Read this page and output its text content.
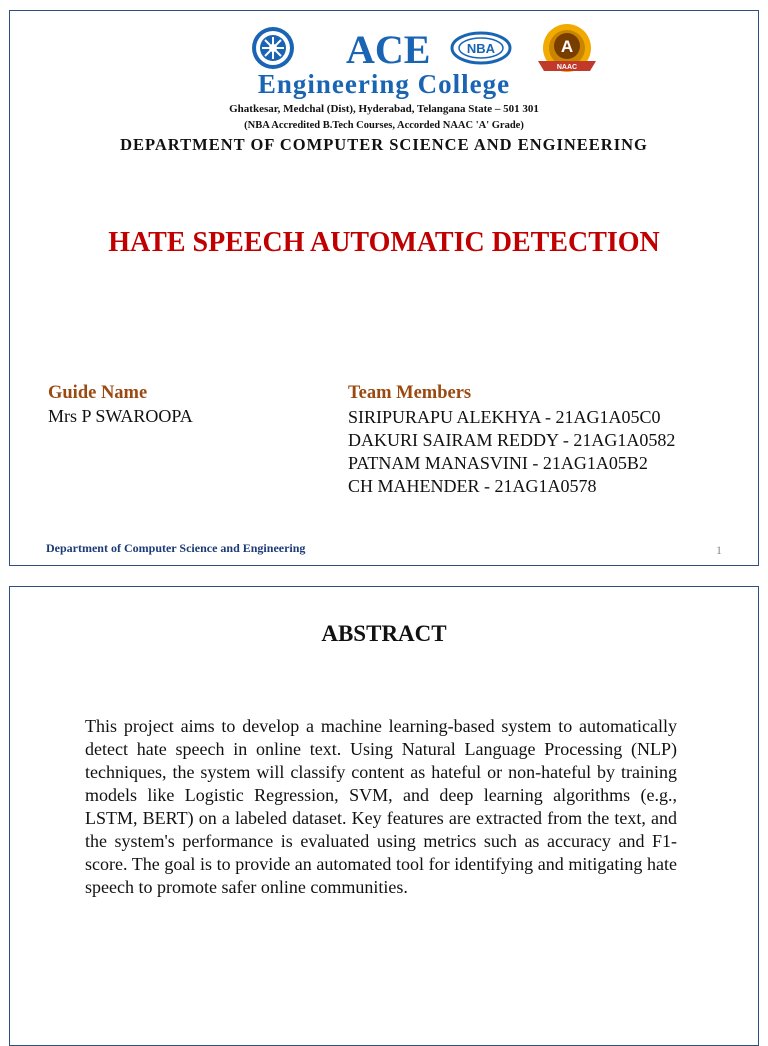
ACE	NBA	A
NAAC
Engineering College
Ghatkesar, Medchal (Dist), Hyderabad, Telangana State – 501 301
(NBA Accredited B.Tech Courses, Accorded NAAC 'A' Grade)
DEPARTMENT OF COMPUTER SCIENCE AND ENGINEERING
HATE SPEECH AUTOMATIC DETECTION
Guide Name
Mrs P SWAROOPA
Team Members
SIRIPURAPU ALEKHYA - 21AG1A05C0
DAKURI SAIRAM REDDY - 21AG1A0582
PATNAM MANASVINI - 21AG1A05B2
CH MAHENDER - 21AG1A0578
Department of Computer Science and Engineering	1
ABSTRACT

This project aims to develop a machine learning-based system to automatically detect hate speech in online text. Using Natural Language Processing (NLP) techniques, the system will classify content as hateful or non-hateful by training models like Logistic Regression, SVM, and deep learning algorithms (e.g., LSTM, BERT) on a labeled dataset. Key features are extracted from the text, and the system's performance is evaluated using metrics such as accuracy and F1-score. The goal is to provide an automated tool for identifying and mitigating hate speech to promote safer online communities.
